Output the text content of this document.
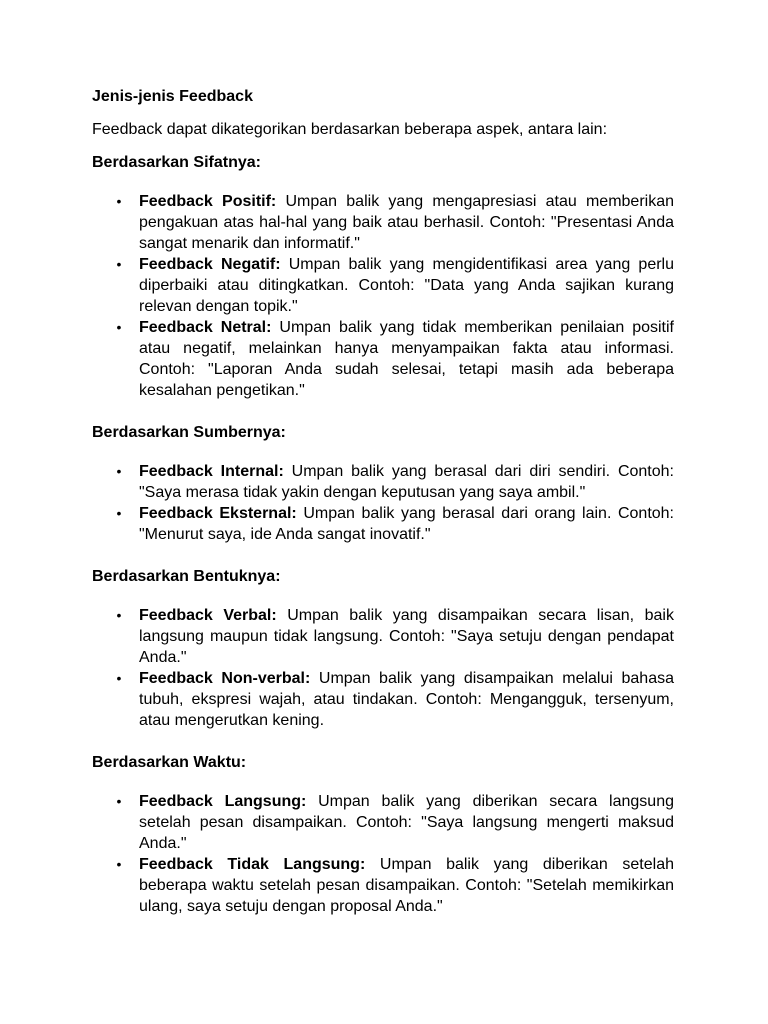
Jenis-jenis Feedback
Feedback dapat dikategorikan berdasarkan beberapa aspek, antara lain:
Berdasarkan Sifatnya:
• Feedback Positif: Umpan balik yang mengapresiasi atau memberikan pengakuan atas hal-hal yang baik atau berhasil. Contoh: "Presentasi Anda sangat menarik dan informatif."
• Feedback Negatif: Umpan balik yang mengidentifikasi area yang perlu diperbaiki atau ditingkatkan. Contoh: "Data yang Anda sajikan kurang relevan dengan topik."
• Feedback Netral: Umpan balik yang tidak memberikan penilaian positif atau negatif, melainkan hanya menyampaikan fakta atau informasi. Contoh: "Laporan Anda sudah selesai, tetapi masih ada beberapa kesalahan pengetikan."
Berdasarkan Sumbernya:
• Feedback Internal: Umpan balik yang berasal dari diri sendiri. Contoh: "Saya merasa tidak yakin dengan keputusan yang saya ambil."
• Feedback Eksternal: Umpan balik yang berasal dari orang lain. Contoh: "Menurut saya, ide Anda sangat inovatif."
Berdasarkan Bentuknya:
• Feedback Verbal: Umpan balik yang disampaikan secara lisan, baik langsung maupun tidak langsung. Contoh: "Saya setuju dengan pendapat Anda."
• Feedback Non-verbal: Umpan balik yang disampaikan melalui bahasa tubuh, ekspresi wajah, atau tindakan. Contoh: Mengangguk, tersenyum, atau mengerutkan kening.
Berdasarkan Waktu:
• Feedback Langsung: Umpan balik yang diberikan secara langsung setelah pesan disampaikan. Contoh: "Saya langsung mengerti maksud Anda."
• Feedback Tidak Langsung: Umpan balik yang diberikan setelah beberapa waktu setelah pesan disampaikan. Contoh: "Setelah memikirkan ulang, saya setuju dengan proposal Anda."
